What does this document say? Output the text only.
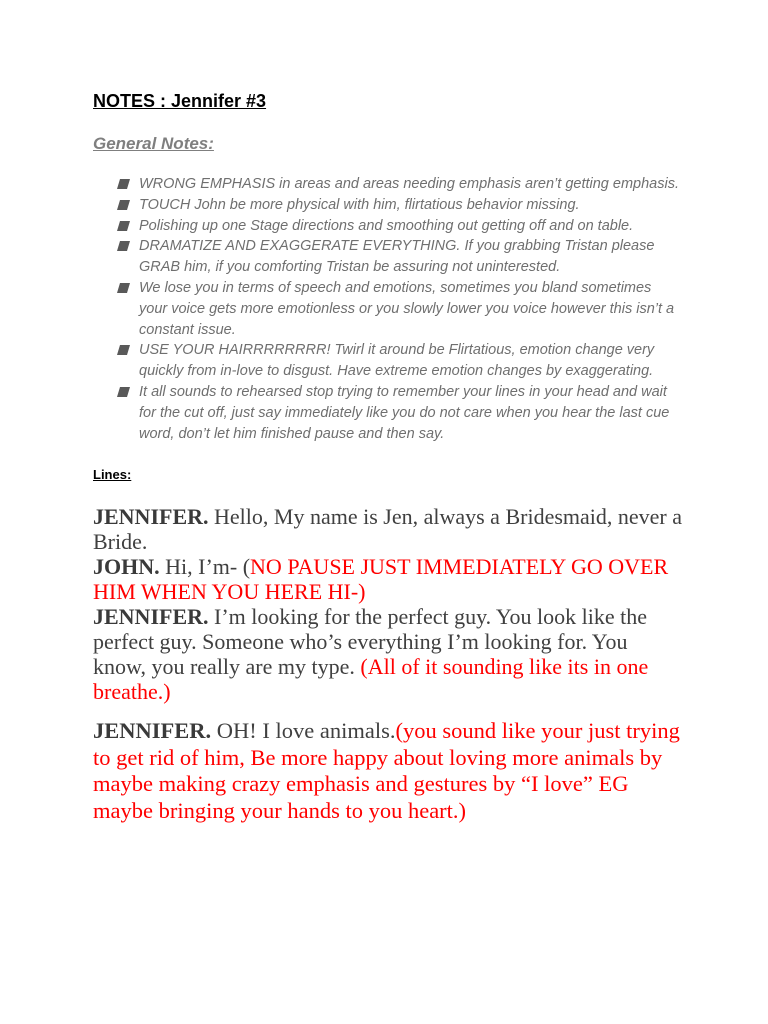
NOTES : Jennifer #3
General Notes:
WRONG EMPHASIS in areas and areas needing emphasis aren’t getting emphasis.
TOUCH John be more physical with him, flirtatious behavior missing.
Polishing up one Stage directions and smoothing out getting off and on table.
DRAMATIZE AND EXAGGERATE EVERYTHING. If you grabbing Tristan please GRAB him, if you comforting Tristan be assuring not uninterested.
We lose you in terms of speech and emotions, sometimes you bland sometimes your voice gets more emotionless or you slowly lower you voice however this isn’t a constant issue.
USE YOUR HAIRRRRRRRR! Twirl it around be Flirtatious, emotion change very quickly from in-love to disgust. Have extreme emotion changes by exaggerating.
It all sounds to rehearsed stop trying to remember your lines in your head and wait for the cut off, just say immediately like you do not care when you hear the last cue word, don’t let him finished pause and then say.
Lines:
JENNIFER. Hello, My name is Jen, always a Bridesmaid, never a Bride.
JOHN. Hi, I’m- (NO PAUSE JUST IMMEDIATELY GO OVER HIM WHEN YOU HERE HI-)
JENNIFER. I’m looking for the perfect guy. You look like the perfect guy. Someone who’s everything I’m looking for. You know, you really are my type. (All of it sounding like its in one breathe.)
JENNIFER. OH! I love animals.(you sound like your just trying to get rid of him, Be more happy about loving more animals by maybe making crazy emphasis and gestures by “I love” EG maybe bringing your hands to you heart.)
